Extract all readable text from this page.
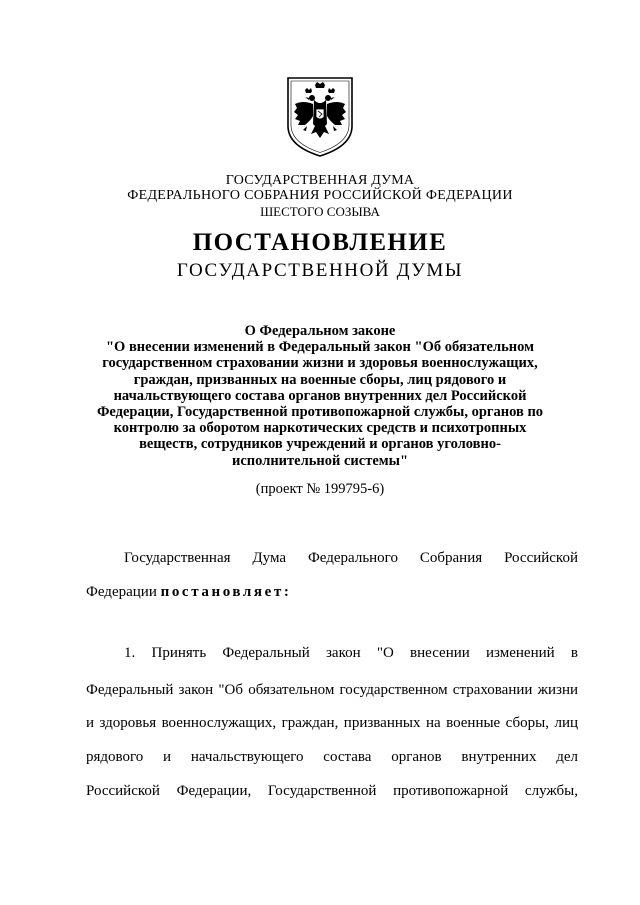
ГОСУДАРСТВЕННАЯ ДУМА
ФЕДЕРАЛЬНОГО СОБРАНИЯ РОССИЙСКОЙ ФЕДЕРАЦИИ
ШЕСТОГО СОЗЫВА
ПОСТАНОВЛЕНИЕ
ГОСУДАРСТВЕННОЙ ДУМЫ
О Федеральном законе
"О внесении изменений в Федеральный закон "Об обязательном
государственном страховании жизни и здоровья военнослужащих,
граждан, призванных на военные сборы, лиц рядового и
начальствующего состава органов внутренних дел Российской
Федерации, Государственной противопожарной службы, органов по
контролю за оборотом наркотических средств и психотропных
веществ, сотрудников учреждений и органов уголовно-
исполнительной системы"
(проект № 199795-6)
Государственная Дума Федерального Собрания Российской
Федерации постановляет:
1. Принять Федеральный закон "О внесении изменений в
Федеральный закон "Об обязательном государственном страховании жизни
и здоровья военнослужащих, граждан, призванных на военные сборы, лиц
рядового и начальствующего состава органов внутренних дел
Российской Федерации, Государственной противопожарной службы,
